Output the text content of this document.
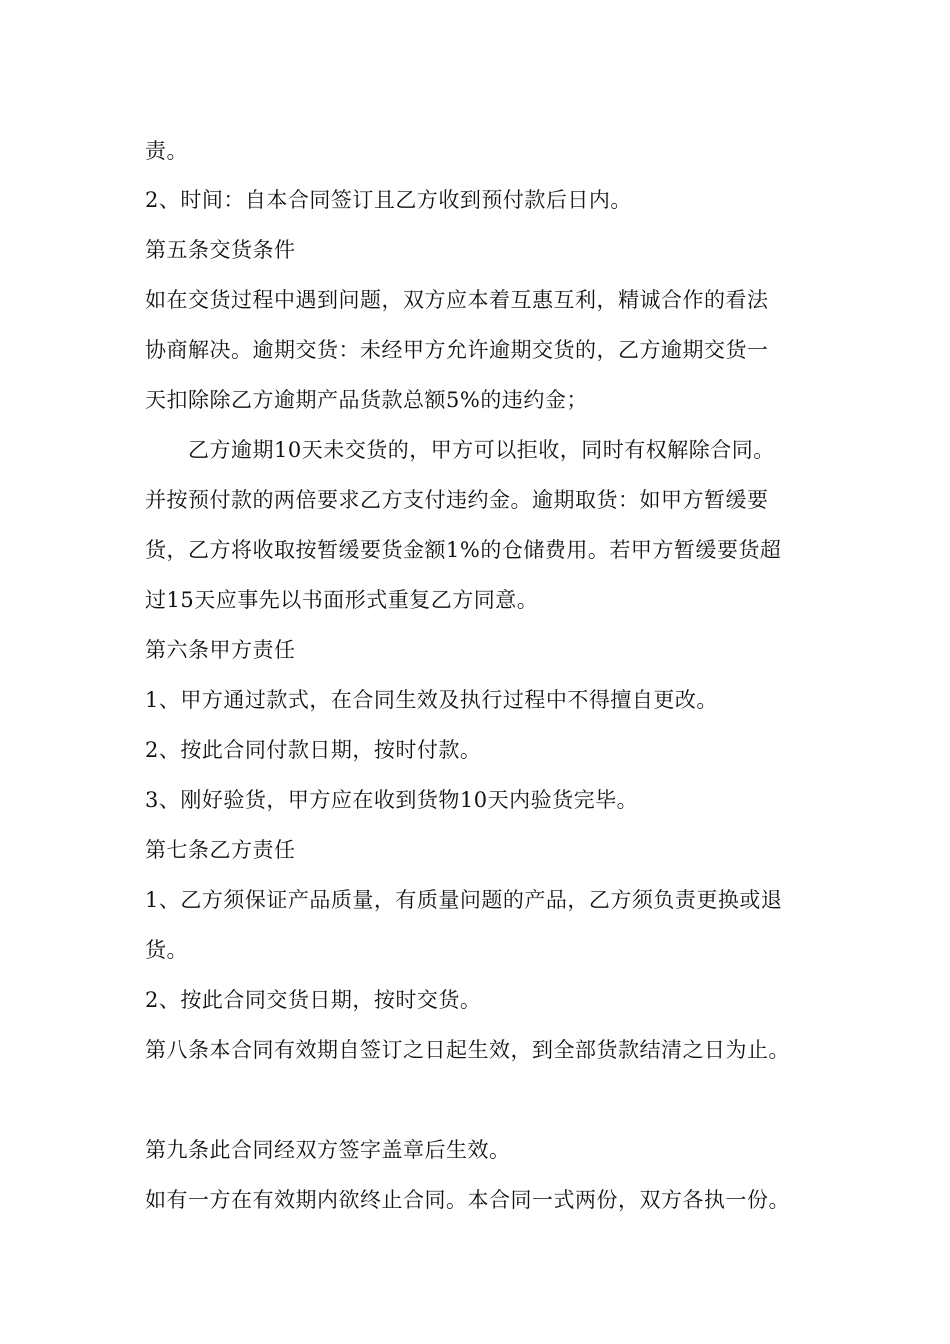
责。
2、时间：自本合同签订且乙方收到预付款后日内。
第五条交货条件
如在交货过程中遇到问题，双方应本着互惠互利，精诚合作的看法
协商解决。逾期交货：未经甲方允许逾期交货的，乙方逾期交货一
天扣除除乙方逾期产品货款总额5%的违约金；
乙方逾期10天未交货的，甲方可以拒收，同时有权解除合同。
并按预付款的两倍要求乙方支付违约金。逾期取货：如甲方暂缓要
货，乙方将收取按暂缓要货金额1%的仓储费用。若甲方暂缓要货超
过15天应事先以书面形式重复乙方同意。
第六条甲方责任
1、甲方通过款式，在合同生效及执行过程中不得擅自更改。
2、按此合同付款日期，按时付款。
3、刚好验货，甲方应在收到货物10天内验货完毕。
第七条乙方责任
1、乙方须保证产品质量，有质量问题的产品，乙方须负责更换或退
货。
2、按此合同交货日期，按时交货。
第八条本合同有效期自签订之日起生效，到全部货款结清之日为止。
第九条此合同经双方签字盖章后生效。
如有一方在有效期内欲终止合同。本合同一式两份，双方各执一份。
